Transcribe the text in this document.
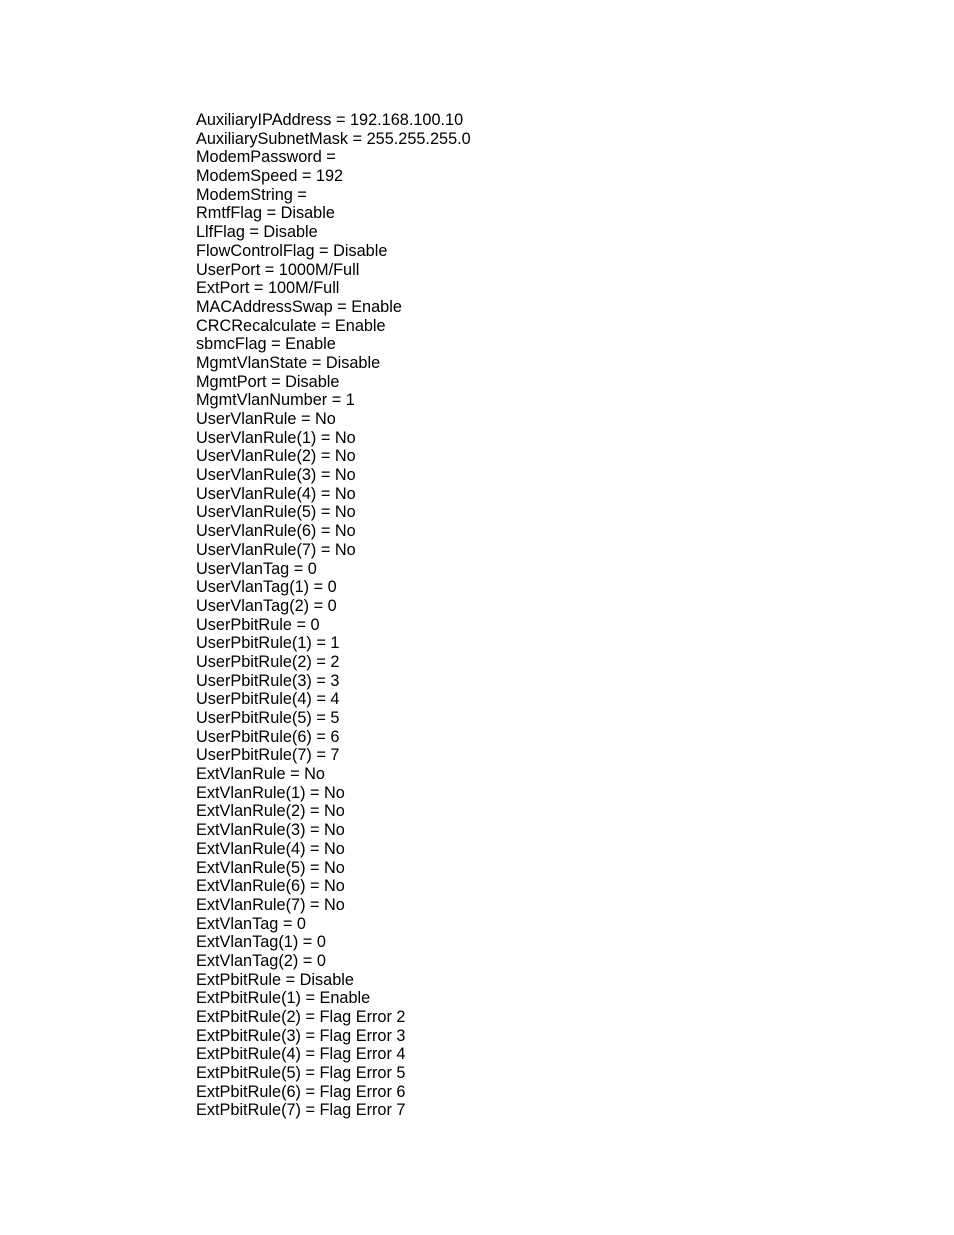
AuxiliaryIPAddress = 192.168.100.10
AuxiliarySubnetMask = 255.255.255.0
ModemPassword =
ModemSpeed = 192
ModemString =
RmtfFlag = Disable
LlfFlag = Disable
FlowControlFlag = Disable
UserPort = 1000M/Full
ExtPort = 100M/Full
MACAddressSwap = Enable
CRCRecalculate = Enable
sbmcFlag = Enable
MgmtVlanState = Disable
MgmtPort = Disable
MgmtVlanNumber = 1
UserVlanRule = No
UserVlanRule(1) = No
UserVlanRule(2) = No
UserVlanRule(3) = No
UserVlanRule(4) = No
UserVlanRule(5) = No
UserVlanRule(6) = No
UserVlanRule(7) = No
UserVlanTag = 0
UserVlanTag(1) = 0
UserVlanTag(2) = 0
UserPbitRule = 0
UserPbitRule(1) = 1
UserPbitRule(2) = 2
UserPbitRule(3) = 3
UserPbitRule(4) = 4
UserPbitRule(5) = 5
UserPbitRule(6) = 6
UserPbitRule(7) = 7
ExtVlanRule = No
ExtVlanRule(1) = No
ExtVlanRule(2) = No
ExtVlanRule(3) = No
ExtVlanRule(4) = No
ExtVlanRule(5) = No
ExtVlanRule(6) = No
ExtVlanRule(7) = No
ExtVlanTag = 0
ExtVlanTag(1) = 0
ExtVlanTag(2) = 0
ExtPbitRule = Disable
ExtPbitRule(1) = Enable
ExtPbitRule(2) = Flag Error 2
ExtPbitRule(3) = Flag Error 3
ExtPbitRule(4) = Flag Error 4
ExtPbitRule(5) = Flag Error 5
ExtPbitRule(6) = Flag Error 6
ExtPbitRule(7) = Flag Error 7
